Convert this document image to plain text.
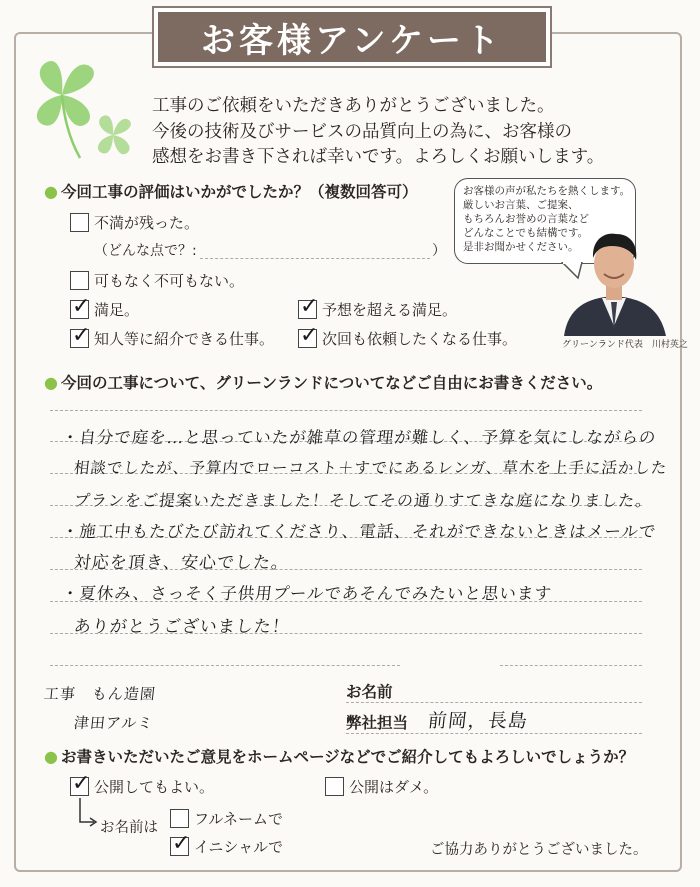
お客様アンケート
工事のご依頼をいただきありがとうございました。
今後の技術及びサービスの品質向上の為に、お客様の
感想をお書き下されば幸いです。よろしくお願いします。
● 今回工事の評価はいかがでしたか？（複数回答可）
不満が残った。
（どんな点で？:	）
可もなく不可もない。
✓ 満足。	✓ 予想を超える満足。
✓ 知人等に紹介できる仕事。 ✓ 次回も依頼したくなる仕事。
お客様の声が私たちを熱くします。
厳しいお言葉、ご提案、
もちろんお誉めの言葉など
どんなことでも結構です。
是非お聞かせください。
グリーンランド代表　川村英之
● 今回の工事について、グリーンランドについてなどご自由にお書きください。
・自分で庭を…と思っていたが雑草の管理が難しく、予算を気にしながらの
相談でしたが、予算内でローコスト＋すでにあるレンガ、草木を上手に活かした
プランをご提案いただきました！そしてその通りすてきな庭になりました。
・施工中もたびたび訪れてくださり、電話、それができないときはメールで
対応を頂き、安心でした。
・夏休み、さっそく子供用プールであそんでみたいと思います
ありがとうございました！
工事　もん造園
津田アルミ
お名前
弊社担当 前岡，長島
● お書きいただいたご意見をホームページなどでご紹介してもよろしいでしょうか？
✓ 公開してもよい。	公開はダメ。
お名前は フルネームで
✓ イニシャルで	ご協力ありがとうございました。
